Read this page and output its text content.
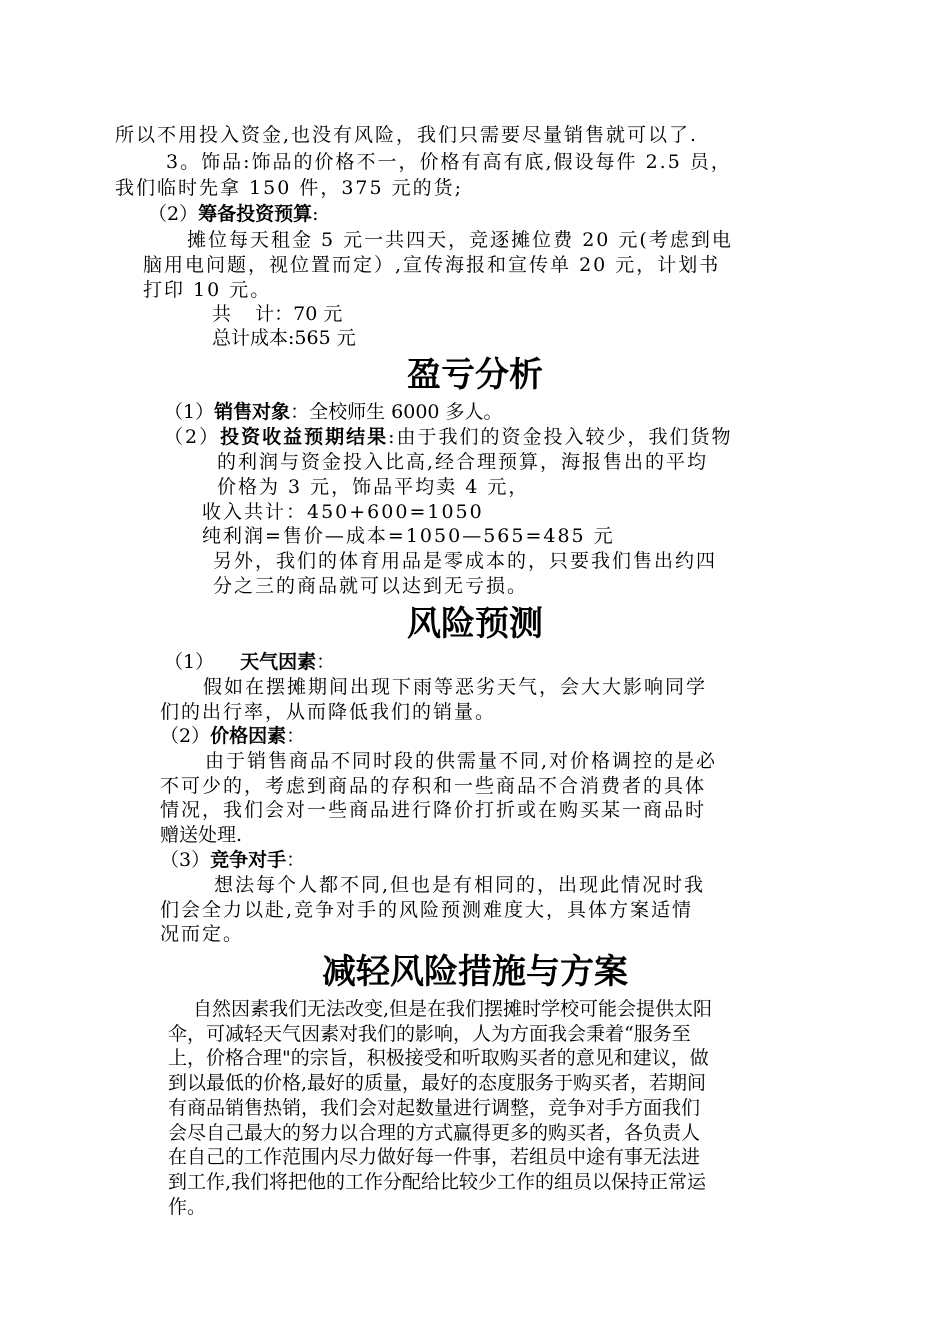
所以不用投入资金,也没有风险，我们只需要尽量销售就可以了.
3。饰品:饰品的价格不一，价格有高有底,假设每件 2.5 员，
我们临时先拿 150 件，375 元的货;
（2）筹备投资预算:
摊位每天租金 5 元一共四天，竞逐摊位费 20 元(考虑到电
脑用电问题，视位置而定）,宣传海报和宣传单 20 元，计划书
打印 10 元。
共    计：70 元
总计成本:565 元
盈亏分析
（1）销售对象：全校师生 6000 多人。
（2）投资收益预期结果:由于我们的资金投入较少，我们货物
的利润与资金投入比高,经合理预算，海报售出的平均
价格为 3 元，饰品平均卖 4 元，
收入共计：450+600=1050
纯利润=售价—成本=1050—565=485 元
另外，我们的体育用品是零成本的，只要我们售出约四
分之三的商品就可以达到无亏损。
风险预测
（1） 天气因素：
假如在摆摊期间出现下雨等恶劣天气，会大大影响同学
们的出行率，从而降低我们的销量。
（2）价格因素：
由于销售商品不同时段的供需量不同,对价格调控的是必
不可少的，考虑到商品的存积和一些商品不合消费者的具体
情况，我们会对一些商品进行降价打折或在购买某一商品时
赠送处理.
（3）竞争对手：
想法每个人都不同,但也是有相同的，出现此情况时我
们会全力以赴,竞争对手的风险预测难度大，具体方案适情
况而定。
减轻风险措施与方案
自然因素我们无法改变,但是在我们摆摊时学校可能会提供太阳
伞，可减轻天气因素对我们的影响，人为方面我会秉着“服务至
上，价格合理"的宗旨，积极接受和听取购买者的意见和建议，做
到以最低的价格,最好的质量，最好的态度服务于购买者，若期间
有商品销售热销，我们会对起数量进行调整，竞争对手方面我们
会尽自己最大的努力以合理的方式赢得更多的购买者，各负责人
在自己的工作范围内尽力做好每一件事，若组员中途有事无法进
到工作,我们将把他的工作分配给比较少工作的组员以保持正常运
作。
